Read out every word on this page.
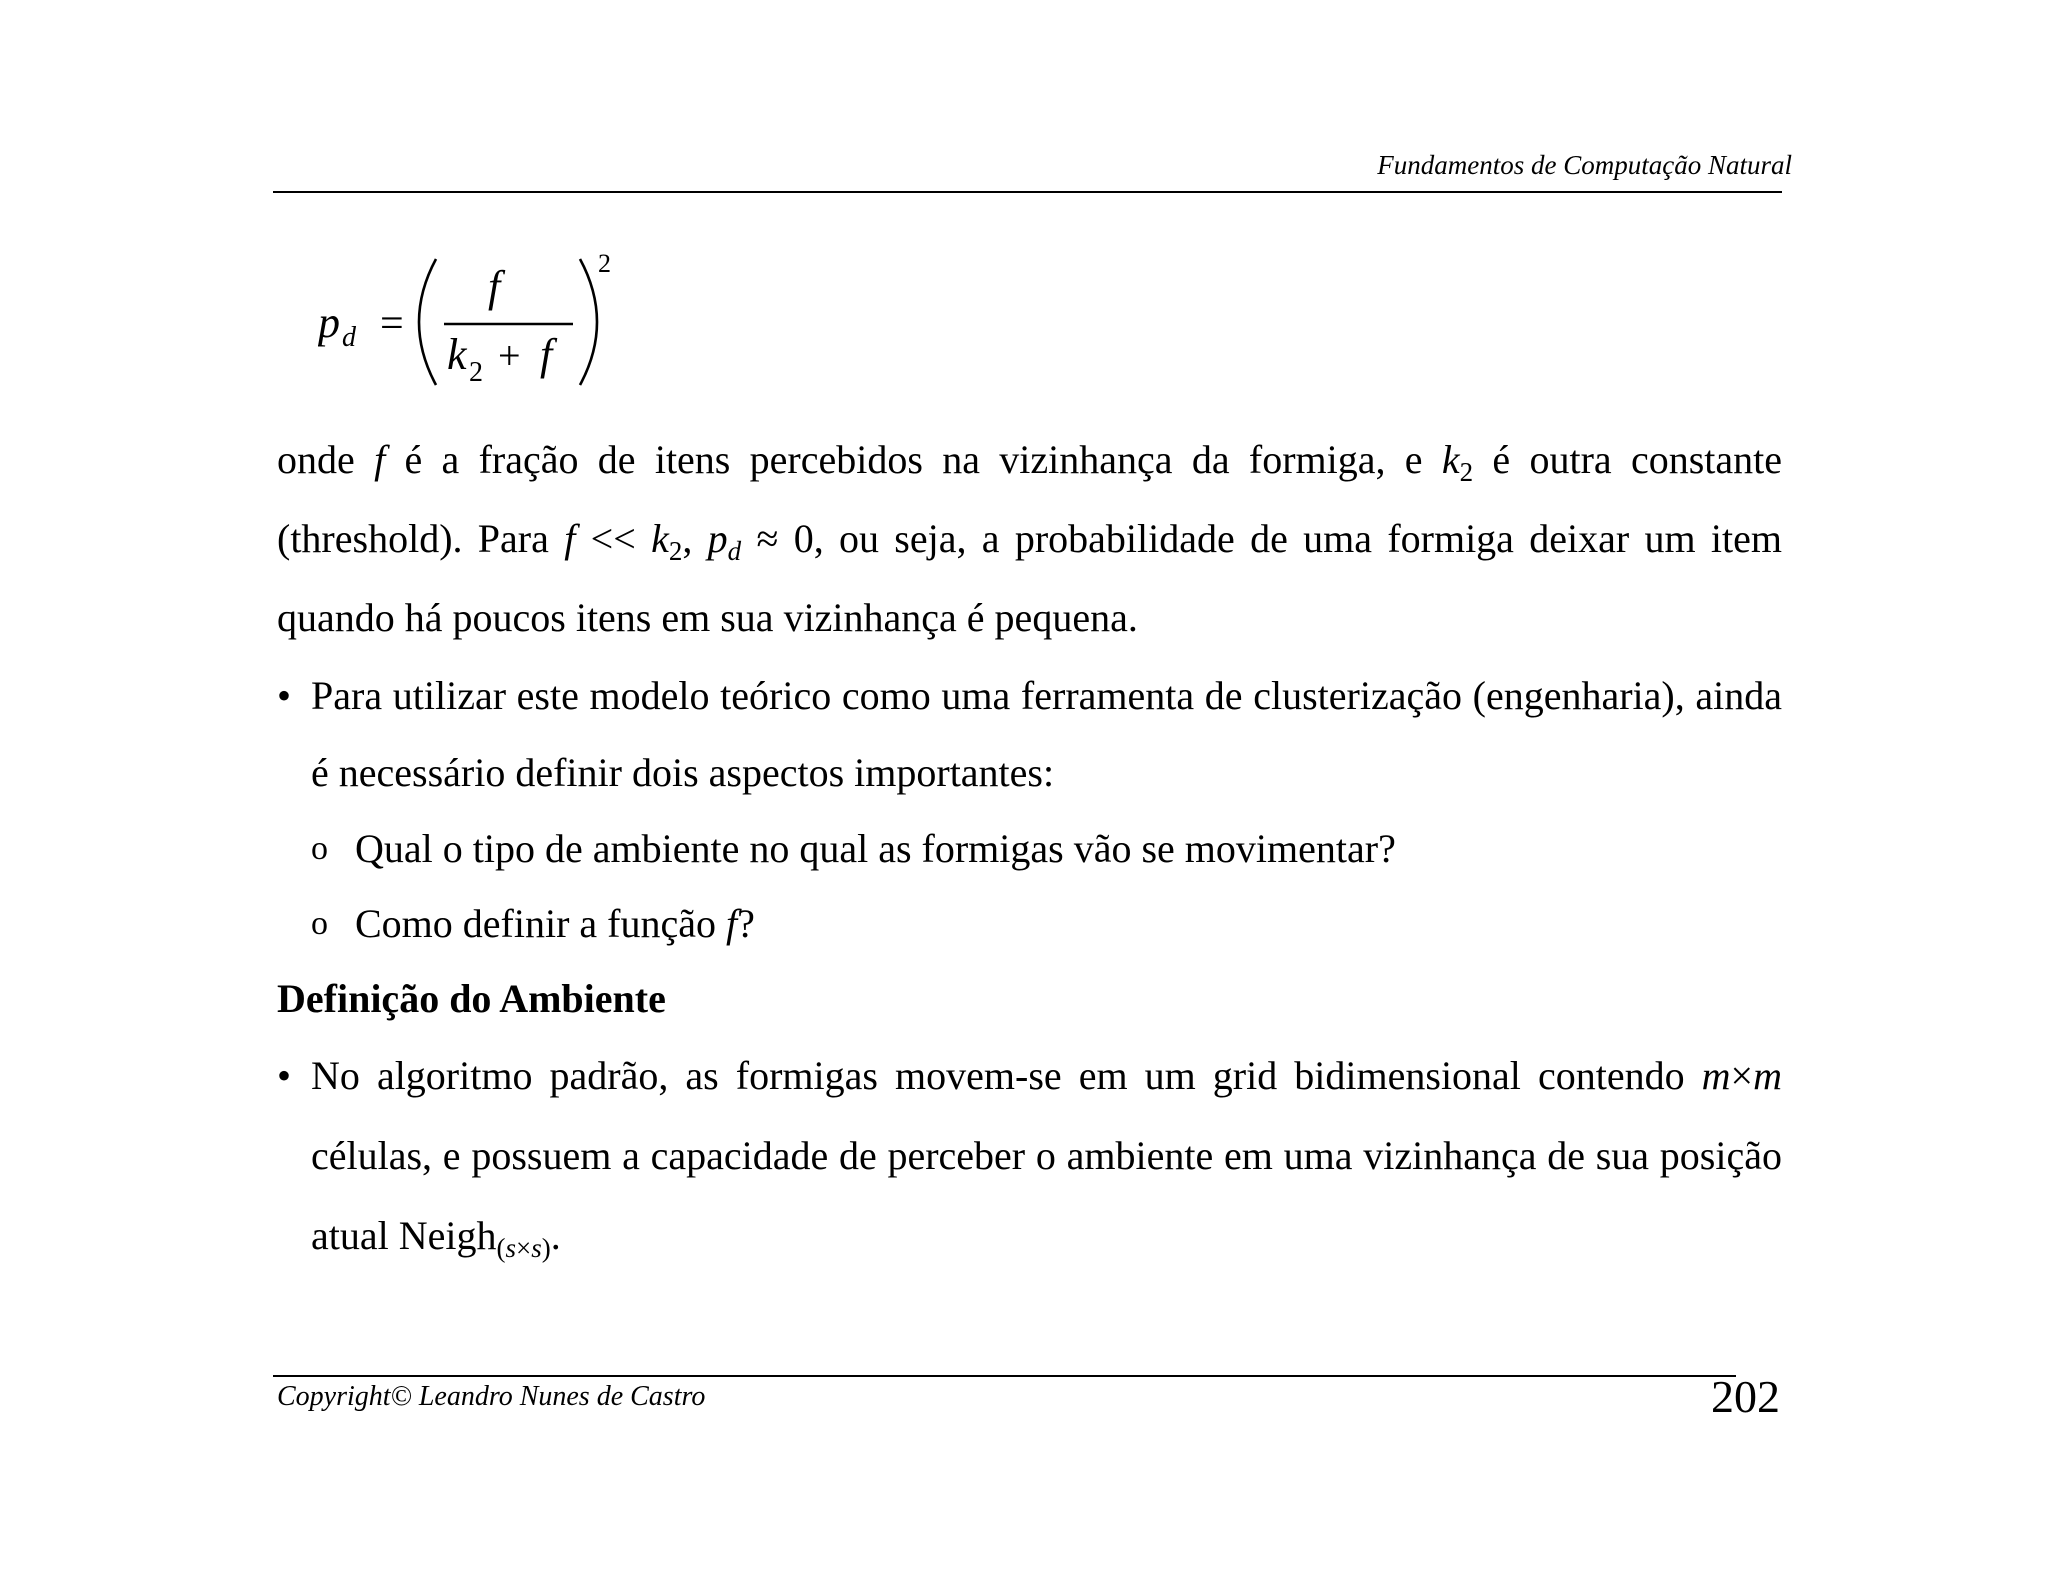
Fundamentos de Computação Natural
p d =
f
k 2 + f
2

onde f é a fração de itens percebidos na vizinhança da formiga, e $k_2$ é outra constante (threshold). Para $f << k_2$, $p_d \approx 0$, ou seja, a probabilidade de uma formiga deixar um item quando há poucos itens em sua vizinhança é pequena.

• Para utilizar este modelo teórico como uma ferramenta de clusterização (engenharia), ainda é necessário definir dois aspectos importantes:

o Qual o tipo de ambiente no qual as formigas vão se movimentar?

o Como definir a função f?

Definição do Ambiente

• No algoritmo padrão, as formigas movem-se em um grid bidimensional contendo m×m células, e possuem a capacidade de perceber o ambiente em uma vizinhança de sua posição atual Neigh$_{(s\times s)}$.

Copyright© Leandro Nunes de Castro	202
